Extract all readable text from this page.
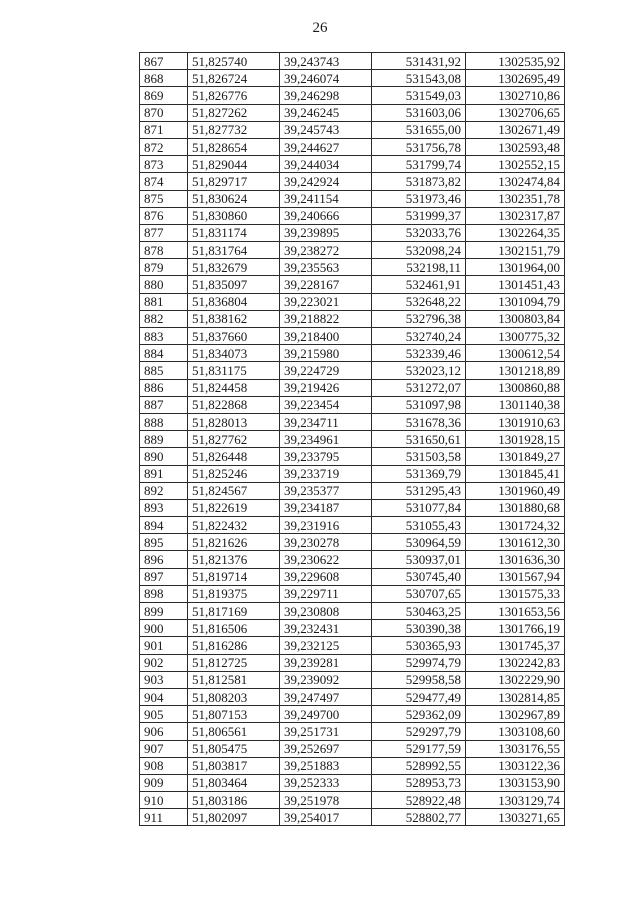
26
867	51,825740	39,243743	531431,92	1302535,92
868	51,826724	39,246074	531543,08	1302695,49
869	51,826776	39,246298	531549,03	1302710,86
870	51,827262	39,246245	531603,06	1302706,65
871	51,827732	39,245743	531655,00	1302671,49
872	51,828654	39,244627	531756,78	1302593,48
873	51,829044	39,244034	531799,74	1302552,15
874	51,829717	39,242924	531873,82	1302474,84
875	51,830624	39,241154	531973,46	1302351,78
876	51,830860	39,240666	531999,37	1302317,87
877	51,831174	39,239895	532033,76	1302264,35
878	51,831764	39,238272	532098,24	1302151,79
879	51,832679	39,235563	532198,11	1301964,00
880	51,835097	39,228167	532461,91	1301451,43
881	51,836804	39,223021	532648,22	1301094,79
882	51,838162	39,218822	532796,38	1300803,84
883	51,837660	39,218400	532740,24	1300775,32
884	51,834073	39,215980	532339,46	1300612,54
885	51,831175	39,224729	532023,12	1301218,89
886	51,824458	39,219426	531272,07	1300860,88
887	51,822868	39,223454	531097,98	1301140,38
888	51,828013	39,234711	531678,36	1301910,63
889	51,827762	39,234961	531650,61	1301928,15
890	51,826448	39,233795	531503,58	1301849,27
891	51,825246	39,233719	531369,79	1301845,41
892	51,824567	39,235377	531295,43	1301960,49
893	51,822619	39,234187	531077,84	1301880,68
894	51,822432	39,231916	531055,43	1301724,32
895	51,821626	39,230278	530964,59	1301612,30
896	51,821376	39,230622	530937,01	1301636,30
897	51,819714	39,229608	530745,40	1301567,94
898	51,819375	39,229711	530707,65	1301575,33
899	51,817169	39,230808	530463,25	1301653,56
900	51,816506	39,232431	530390,38	1301766,19
901	51,816286	39,232125	530365,93	1301745,37
902	51,812725	39,239281	529974,79	1302242,83
903	51,812581	39,239092	529958,58	1302229,90
904	51,808203	39,247497	529477,49	1302814,85
905	51,807153	39,249700	529362,09	1302967,89
906	51,806561	39,251731	529297,79	1303108,60
907	51,805475	39,252697	529177,59	1303176,55
908	51,803817	39,251883	528992,55	1303122,36
909	51,803464	39,252333	528953,73	1303153,90
910	51,803186	39,251978	528922,48	1303129,74
911	51,802097	39,254017	528802,77	1303271,65
